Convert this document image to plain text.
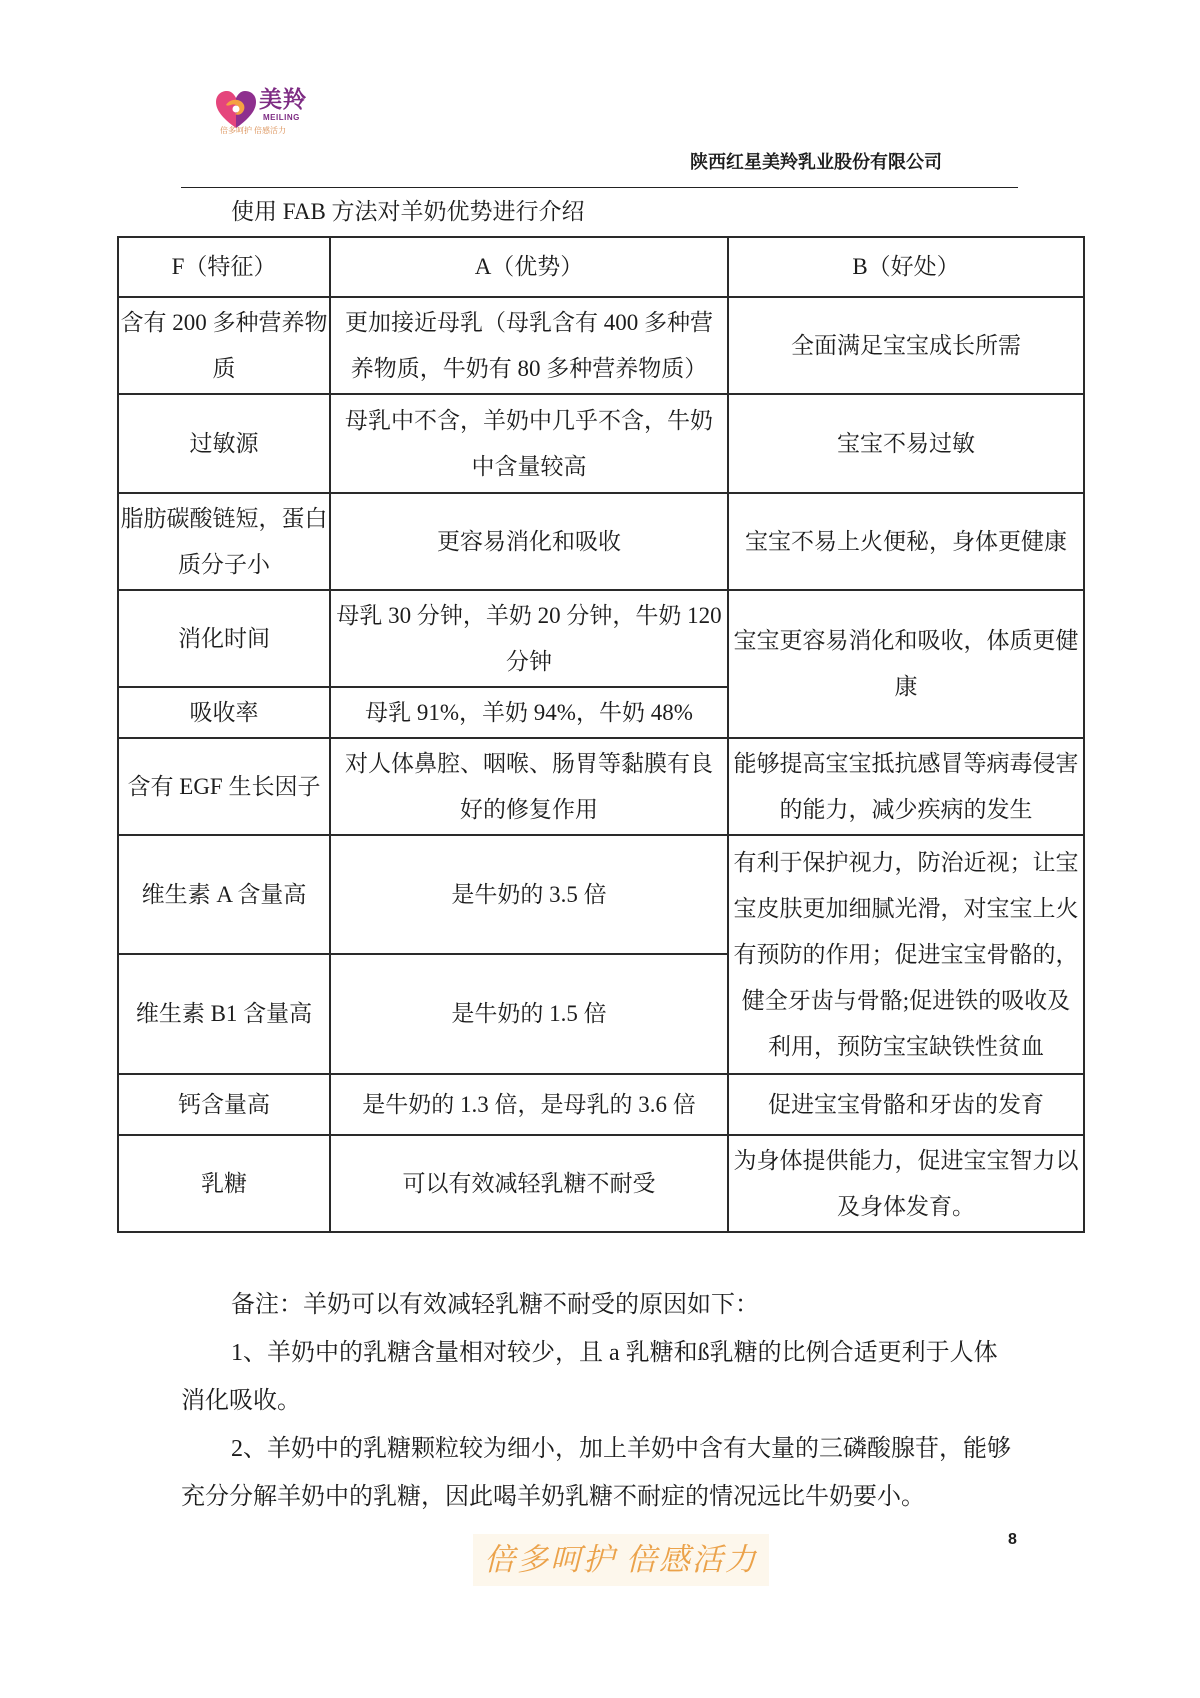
美羚
MEILING
倍多呵护 倍感活力
陕西红星美羚乳业股份有限公司
使用 FAB 方法对羊奶优势进行介绍
F（特征）	A（优势）	B（好处）
含有 200 多种营养物质	更加接近母乳（母乳含有 400 多种营养物质，牛奶有 80 多种营养物质）	全面满足宝宝成长所需
过敏源	母乳中不含，羊奶中几乎不含，牛奶中含量较高	宝宝不易过敏
脂肪碳酸链短，蛋白质分子小	更容易消化和吸收	宝宝不易上火便秘，身体更健康
消化时间	母乳 30 分钟，羊奶 20 分钟，牛奶 120 分钟	宝宝更容易消化和吸收，体质更健康
吸收率	母乳 91%，羊奶 94%，牛奶 48%	
含有 EGF 生长因子	对人体鼻腔、咽喉、肠胃等黏膜有良好的修复作用	能够提高宝宝抵抗感冒等病毒侵害的能力，减少疾病的发生
维生素 A 含量高	是牛奶的 3.5 倍	有利于保护视力，防治近视；让宝宝皮肤更加细腻光滑，对宝宝上火有预防的作用；促进宝宝骨骼的，健全牙齿与骨骼;促进铁的吸收及利用，预防宝宝缺铁性贫血
维生素 B1 含量高	是牛奶的 1.5 倍	
钙含量高	是牛奶的 1.3 倍，是母乳的 3.6 倍	促进宝宝骨骼和牙齿的发育
乳糖	可以有效减轻乳糖不耐受	为身体提供能力，促进宝宝智力以及身体发育。

备注：羊奶可以有效减轻乳糖不耐受的原因如下：

1、羊奶中的乳糖含量相对较少，且 a 乳糖和ß乳糖的比例合适更利于人体消化吸收。

2、羊奶中的乳糖颗粒较为细小，加上羊奶中含有大量的三磷酸腺苷，能够充分分解羊奶中的乳糖，因此喝羊奶乳糖不耐症的情况远比牛奶要小。

8
倍多呵护 倍感活力
